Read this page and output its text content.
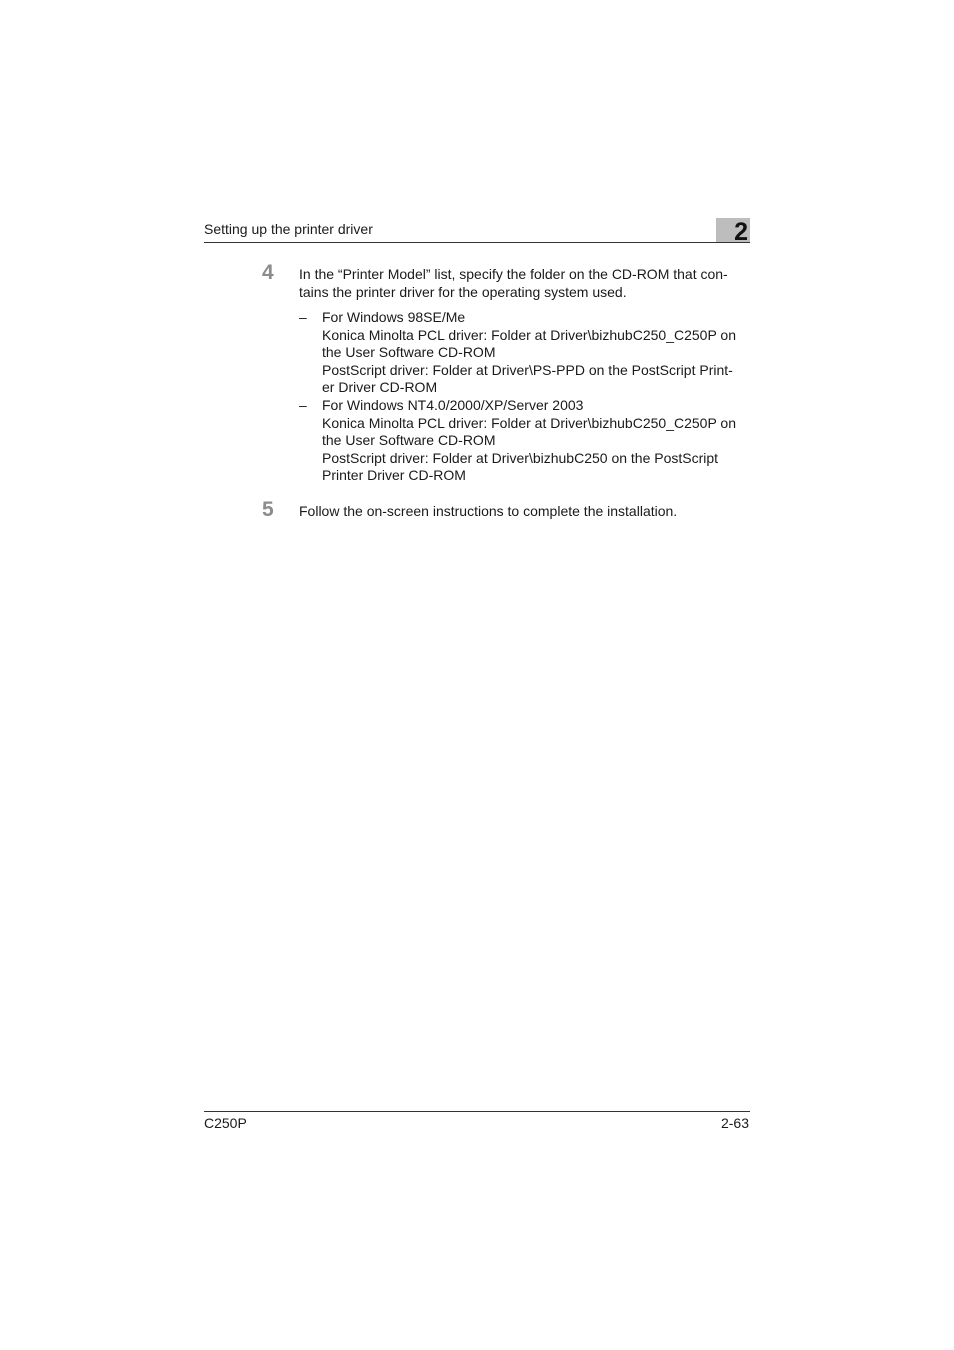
Setting up the printer driver	2
4 In the “Printer Model” list, specify the folder on the CD-ROM that con-
tains the printer driver for the operating system used.
– For Windows 98SE/Me
Konica Minolta PCL driver: Folder at Driver\bizhubC250_C250P on
the User Software CD-ROM
PostScript driver: Folder at Driver\PS-PPD on the PostScript Print-
er Driver CD-ROM
– For Windows NT4.0/2000/XP/Server 2003
Konica Minolta PCL driver: Folder at Driver\bizhubC250_C250P on
the User Software CD-ROM
PostScript driver: Folder at Driver\bizhubC250 on the PostScript
Printer Driver CD-ROM
5 Follow the on-screen instructions to complete the installation.
C250P	2-63
